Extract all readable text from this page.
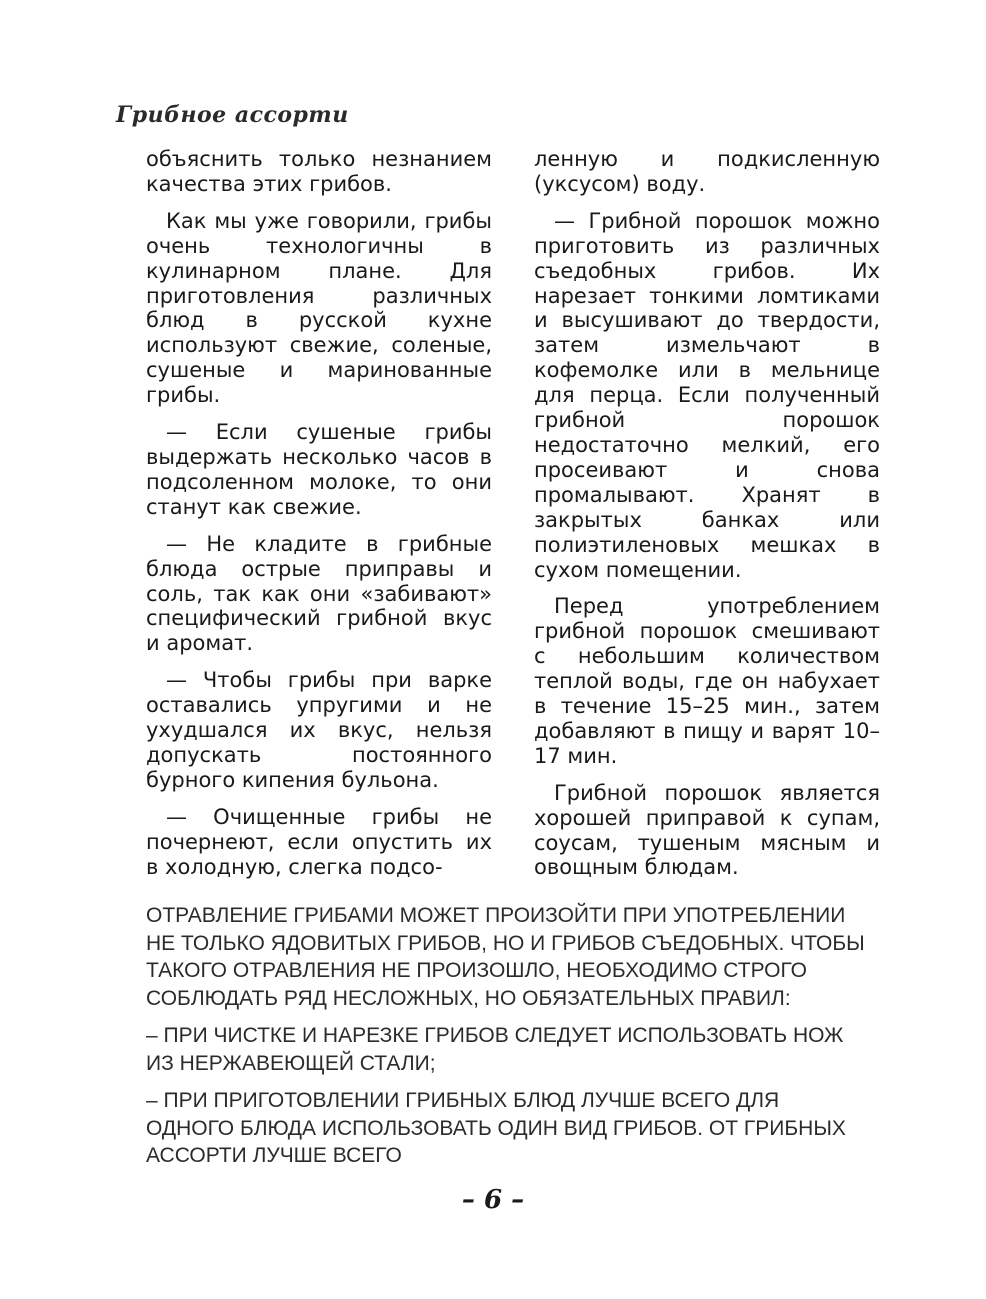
Грибное ассорти

объяснить только незнанием качества этих грибов.

Как мы уже говорили, грибы очень технологичны в кулинарном плане. Для приготовления различных блюд в русской кухне используют свежие, соленые, сушеные и маринованные грибы.

— Если сушеные грибы выдержать несколько часов в подсоленном молоке, то они станут как свежие.

— Не кладите в грибные блюда острые приправы и соль, так как они «забивают» специфический грибной вкус и аромат.

— Чтобы грибы при варке оставались упругими и не ухудшался их вкус, нельзя допускать постоянного бурного кипения бульона.

— Очищенные грибы не почернеют, если опустить их в холодную, слегка подсо-

ленную и подкисленную (уксусом) воду.

— Грибной порошок можно приготовить из различных съедобных грибов. Их нарезает тонкими ломтиками и высушивают до твердости, затем измельчают в кофемолке или в мельнице для перца. Если полученный грибной порошок недостаточно мелкий, его просеивают и снова промалывают. Хранят в закрытых банках или полиэтиленовых мешках в сухом помещении.

Перед употреблением грибной порошок смешивают с небольшим количеством теплой воды, где он набухает в течение 15–25 мин., затем добавляют в пищу и варят 10–17 мин.

Грибной порошок является хорошей приправой к супам, соусам, тушеным мясным и овощным блюдам.

ОТРАВЛЕНИЕ ГРИБАМИ МОЖЕТ ПРОИЗОЙТИ ПРИ УПОТРЕБЛЕНИИ НЕ ТОЛЬКО ЯДОВИТЫХ ГРИБОВ, НО И ГРИБОВ СЪЕДОБНЫХ. ЧТОБЫ ТАКОГО ОТРАВЛЕНИЯ НЕ ПРОИЗОШЛО, НЕОБХОДИМО СТРОГО СОБЛЮДАТЬ РЯД НЕСЛОЖНЫХ, НО ОБЯЗАТЕЛЬНЫХ ПРАВИЛ:

– ПРИ ЧИСТКЕ И НАРЕЗКЕ ГРИБОВ СЛЕДУЕТ ИСПОЛЬЗОВАТЬ НОЖ ИЗ НЕРЖАВЕЮЩЕЙ СТАЛИ;

– ПРИ ПРИГОТОВЛЕНИИ ГРИБНЫХ БЛЮД ЛУЧШЕ ВСЕГО ДЛЯ ОДНОГО БЛЮДА ИСПОЛЬЗОВАТЬ ОДИН ВИД ГРИБОВ. ОТ ГРИБНЫХ АССОРТИ ЛУЧШЕ ВСЕГО

– 6 –
